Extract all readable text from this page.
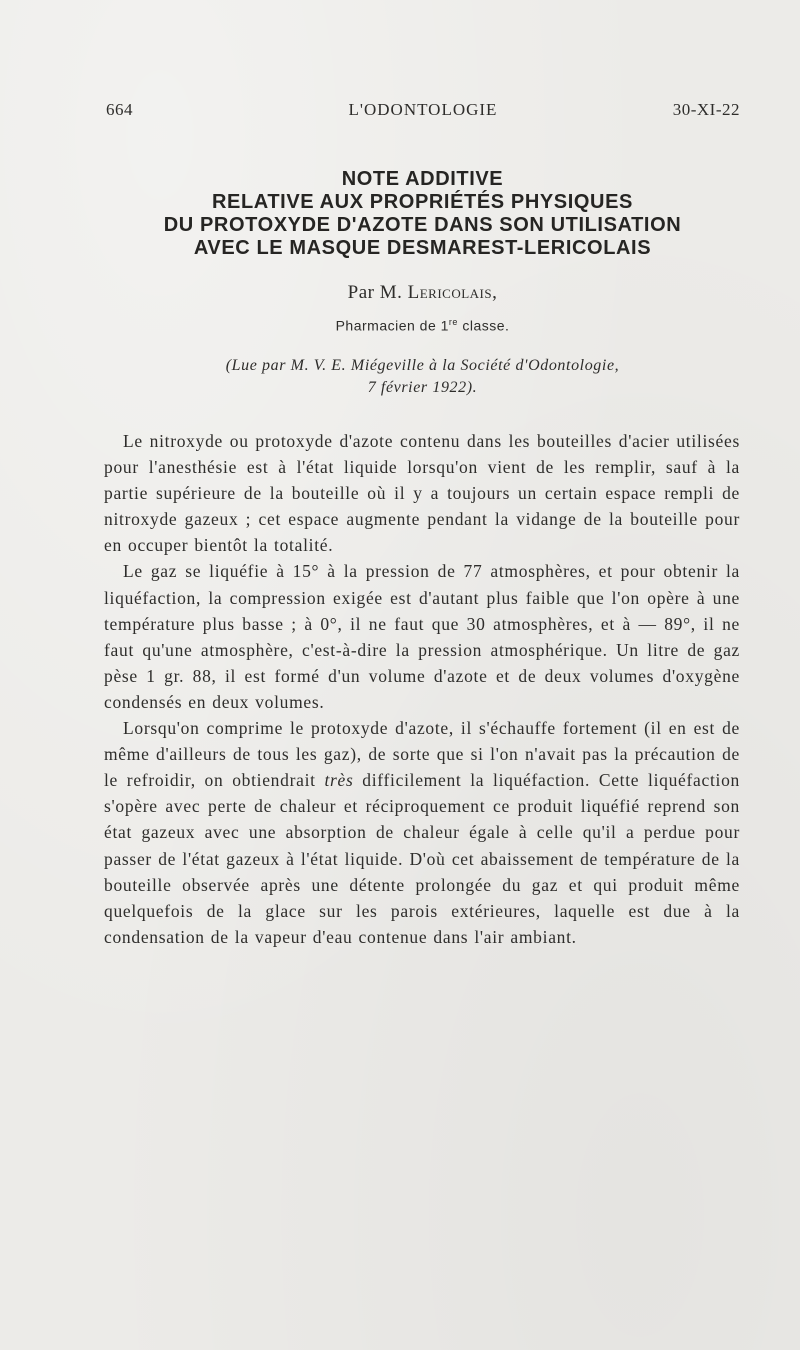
664	L'ODONTOLOGIE	30-XI-22
NOTE ADDITIVE
RELATIVE AUX PROPRIÉTÉS PHYSIQUES
DU PROTOXYDE D'AZOTE DANS SON UTILISATION
AVEC LE MASQUE DESMAREST-LERICOLAIS
Par M. Lericolais,
Pharmacien de 1re classe.
(Lue par M. V. E. Miégeville à la Société d'Odontologie,
7 février 1922).

Le nitroxyde ou protoxyde d'azote contenu dans les bouteilles d'acier utilisées pour l'anesthésie est à l'état liquide lorsqu'on vient de les remplir, sauf à la partie supérieure de la bouteille où il y a toujours un certain espace rempli de nitroxyde gazeux ; cet espace augmente pendant la vidange de la bouteille pour en occuper bientôt la totalité.

Le gaz se liquéfie à 15° à la pression de 77 atmosphères, et pour obtenir la liquéfaction, la compression exigée est d'autant plus faible que l'on opère à une température plus basse ; à 0°, il ne faut que 30 atmosphères, et à — 89°, il ne faut qu'une atmosphère, c'est-à-dire la pression atmosphérique. Un litre de gaz pèse 1 gr. 88, il est formé d'un volume d'azote et de deux volumes d'oxygène condensés en deux volumes.

Lorsqu'on comprime le protoxyde d'azote, il s'échauffe fortement (il en est de même d'ailleurs de tous les gaz), de sorte que si l'on n'avait pas la précaution de le refroidir, on obtiendrait très difficilement la liquéfaction. Cette liquéfaction s'opère avec perte de chaleur et réciproquement ce produit liquéfié reprend son état gazeux avec une absorption de chaleur égale à celle qu'il a perdue pour passer de l'état gazeux à l'état liquide. D'où cet abaissement de température de la bouteille observée après une détente prolongée du gaz et qui produit même quelquefois de la glace sur les parois extérieures, laquelle est due à la condensation de la vapeur d'eau contenue dans l'air ambiant.
